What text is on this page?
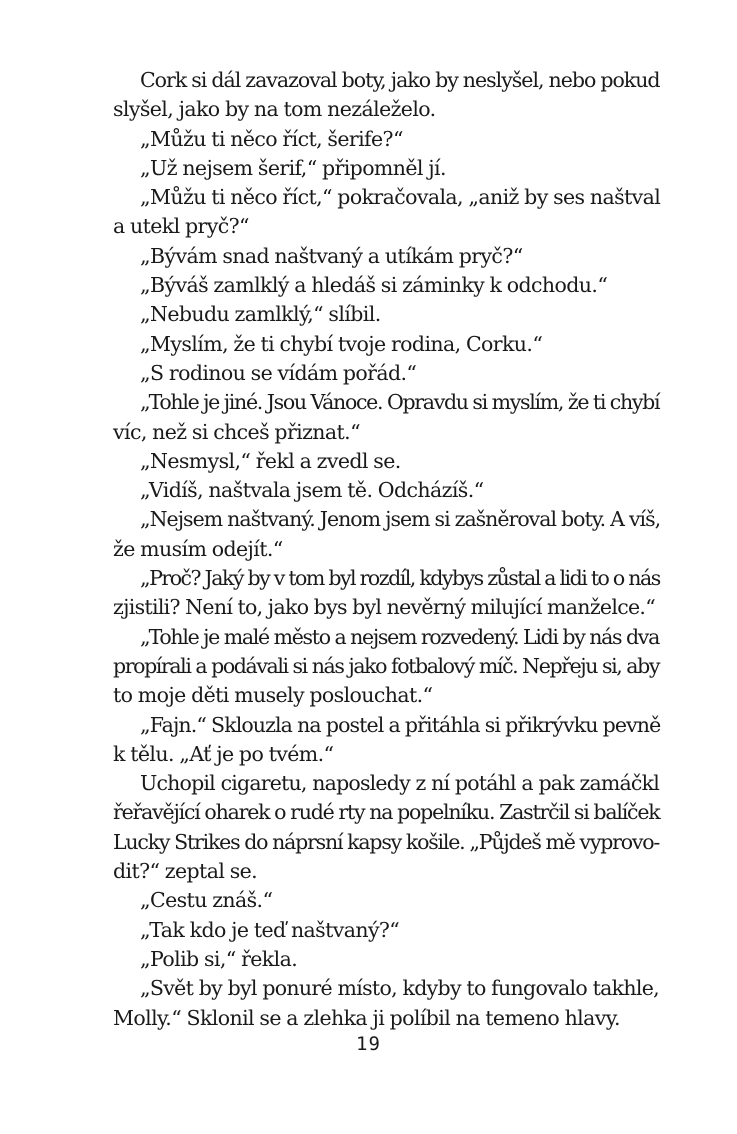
Cork si dál zavazoval boty, jako by neslyšel, nebo pokud
slyšel, jako by na tom nezáleželo.
„Můžu ti něco říct, šerife?“
„Už nejsem šerif,“ připomněl jí.
„Můžu ti něco říct,“ pokračovala, „aniž by ses naštval
a utekl pryč?“
„Bývám snad naštvaný a utíkám pryč?“
„Býváš zamlklý a hledáš si záminky k odchodu.“
„Nebudu zamlklý,“ slíbil.
„Myslím, že ti chybí tvoje rodina, Corku.“
„S rodinou se vídám pořád.“
„Tohle je jiné. Jsou Vánoce. Opravdu si myslím, že ti chybí
víc, než si chceš přiznat.“
„Nesmysl,“ řekl a zvedl se.
„Vidíš, naštvala jsem tě. Odcházíš.“
„Nejsem naštvaný. Jenom jsem si zašněroval boty. A víš,
že musím odejít.“
„Proč? Jaký by v tom byl rozdíl, kdybys zůstal a lidi to o nás
zjistili? Není to, jako bys byl nevěrný milující manželce.“
„Tohle je malé město a nejsem rozvedený. Lidi by nás dva
propírali a podávali si nás jako fotbalový míč. Nepřeju si, aby
to moje děti musely poslouchat.“
„Fajn.“ Sklouzla na postel a přitáhla si přikrývku pevně
k tělu. „Ať je po tvém.“
Uchopil cigaretu, naposledy z ní potáhl a pak zamáčkl
řeřavějící oharek o rudé rty na popelníku. Zastrčil si balíček
Lucky Strikes do náprsní kapsy košile. „Půjdeš mě vyprovo-
dit?“ zeptal se.
„Cestu znáš.“
„Tak kdo je teď naštvaný?“
„Polib si,“ řekla.
„Svět by byl ponuré místo, kdyby to fungovalo takhle,
Molly.“ Sklonil se a zlehka ji políbil na temeno hlavy.
19
